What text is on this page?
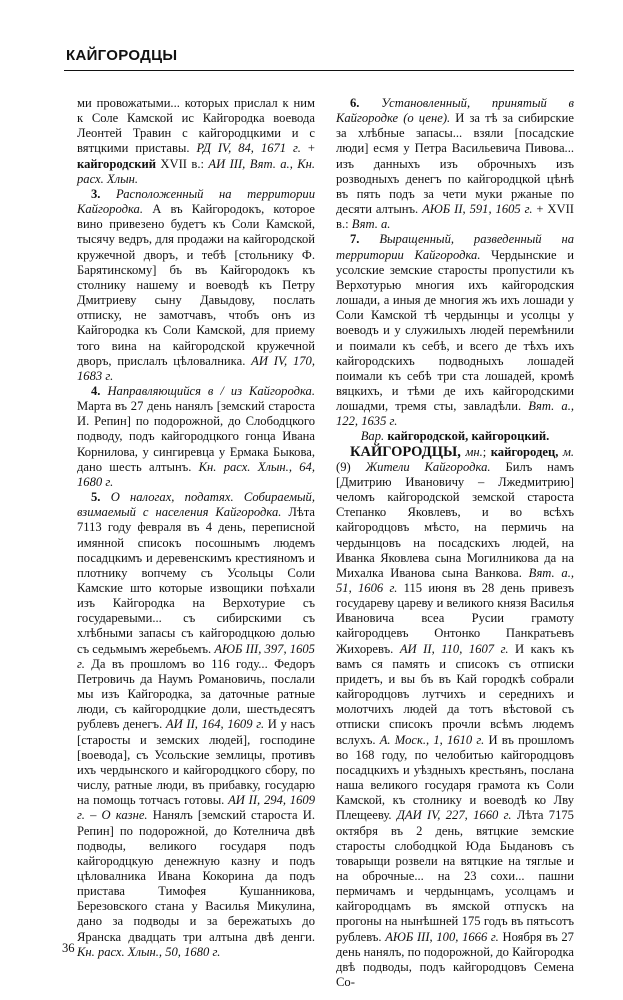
КАЙГОРОДЦЫ

ми провожатыми... которых прислал к ним к Соле Камской ис Кайгородка воевода Леонтей Травин с кайгородцкими и с вятцкими приставы. РД IV, 84, 1671 г. + кайгородский XVII в.: АИ III, Вят. а., Кн. расх. Хлын.

3. Расположенный на территории Кайгородка. А въ Кайгородокъ, которое вино привезено будетъ къ Соли Камской, тысячу ведръ, для продажи на кайгородской кружечной дворъ, и тебѣ [стольнику Ф. Барятинскому] бъ въ Кайгородокъ къ столнику нашему и воеводѣ къ Петру Дмитриеву сыну Давыдову, послать отписку, не замотчавъ, чтобъ онъ из Кайгородка къ Соли Камской, для приему того вина на кайгородской кружечной дворъ, прислалъ цѣловалника. АИ IV, 170, 1683 г.

4. Направляющийся в / из Кайгородка. Марта въ 27 день нанялъ [земский староста И. Репин] по подорожной, до Слободцкого подводу, подъ кайгородцкого гонца Ивана Корнилова, у сингиревца у Ермака Быкова, дано шесть алтынъ. Кн. расх. Хлын., 64, 1680 г.

5. О налогах, податях. Собираемый, взимаемый с населения Кайгородка. Лѣта 7113 году февраля въ 4 день, переписной имянной списокъ посошнымъ людемъ посадцкимъ и деревенскимъ крестияномъ и плотнику вопчему съ Усольцы Соли Камские што которые извощики поѣхали изъ Кайгородка на Верхотурие съ государевыми... съ сибирскими съ хлѣбными запасы съ кайгородцкою долью съ седьмымъ жеребьемъ. АЮБ III, 397, 1605 г. Да въ прошломъ во 116 году... Федоръ Петровичь да Наумъ Романовичь, послали мы изъ Кайгородка, за даточные ратные люди, съ кайгородцкие доли, шестьдесятъ рублевъ денегъ. АИ II, 164, 1609 г. И у насъ [старосты и земских людей], господине [воевода], съ Усольские землицы, противъ ихъ чердынского и кайгородцкого сбору, по числу, ратные люди, въ прибавку, государю на помощь тотчасъ готовы. АИ II, 294, 1609 г. – О казне. Нанялъ [земский староста И. Репин] по подорожной, до Котелнича двѣ подводы, великого государя подъ кайгородцкую денежную казну и подъ цѣловалника Ивана Кокорина да подъ пристава Тимофея Кушанникова, Березовского стана у Василья Микулина, дано за подводы и за бережатыхъ до Яранска двадцать три алтына двѣ денги. Кн. расх. Хлын., 50, 1680 г.

6. Установленный, принятый в Кайгородке (о цене). И за тѣ за сибирские за хлѣбные запасы... взяли [посадские люди] есмя у Петра Васильевича Пивова... изъ данныхъ изъ оброчныхъ изъ розводныхъ денегъ по кайгородцкой цѣнѣ въ пять подъ за чети муки ржаные по десяти алтынъ. АЮБ II, 591, 1605 г. + XVII в.: Вят. а.

7. Выращенный, разведенный на территории Кайгородка. Чердынские и усолские земские старосты пропустили къ Верхотурью многия ихъ кайгородския лошади, а иныя де многия жъ ихъ лошади у Соли Камской тѣ чердынцы и усолцы у воеводъ и у служилыхъ людей перемѣнили и поимали къ себѣ, и всего де тѣхъ ихъ кайгородскихъ подводныхъ лошадей поимали къ себѣ три ста лошадей, кромѣ вяцкихъ, и тѣми де ихъ кайгородскими лошадми, тремя сты, завладѣли. Вят. а., 122, 1635 г.

Вар. кайгородской, кайгороцкий.

КАЙГОРОДЦЫ, мн.; кайгородец, м. (9) Жители Кайгородка. Билъ намъ [Дмитрию Ивановичу – Лжедмитрию] челомъ кайгородской земской староста Степанко Яковлевъ, и во всѣхъ кайгородцовъ мѣсто, на пермичь на чердынцовъ на посадскихъ людей, на Иванка Яковлева сына Могилникова да на Михалка Иванова сына Ванкова. Вят. а., 51, 1606 г. 115 июня въ 28 день привезъ государеву цареву и великого князя Василья Ивановича всеа Русии грамоту кайгородцевъ Онтонко Панкратьевъ Жихоревъ. АИ II, 110, 1607 г. И какъ къ вамъ ся память и списокъ съ отписки придетъ, и вы бъ въ Кай городкѣ собрали кайгородцовъ лутчихъ и середнихъ и молотчихъ людей да тотъ вѣстовой съ отписки списокъ прочли всѣмъ людемъ вслухъ. А. Моск., 1, 1610 г. И въ прошломъ во 168 году, по челобитью кайгородцовъ посадцкихъ и уѣздныхъ крестьянъ, послана наша великого государя грамота къ Соли Камской, къ столнику и воеводѣ ко Лву Плещееву. ДАИ IV, 227, 1660 г. Лѣта 7175 октября въ 2 день, вятцкие земские старосты слободцкой Юда Быдановъ съ товарыщи розвели на вятцкие на тяглые и на оброчные... на 23 сохи... пашни пермичамъ и чердынцамъ, усолцамъ и кайгородцамъ въ ямской отпускъ на прогоны на нынѣшней 175 годъ въ пятьсотъ рублевъ. АЮБ III, 100, 1666 г. Ноября въ 27 день нанялъ, по подорожной, до Кайгородка двѣ подводы, подъ кайгородцовъ Семена Со-

36
